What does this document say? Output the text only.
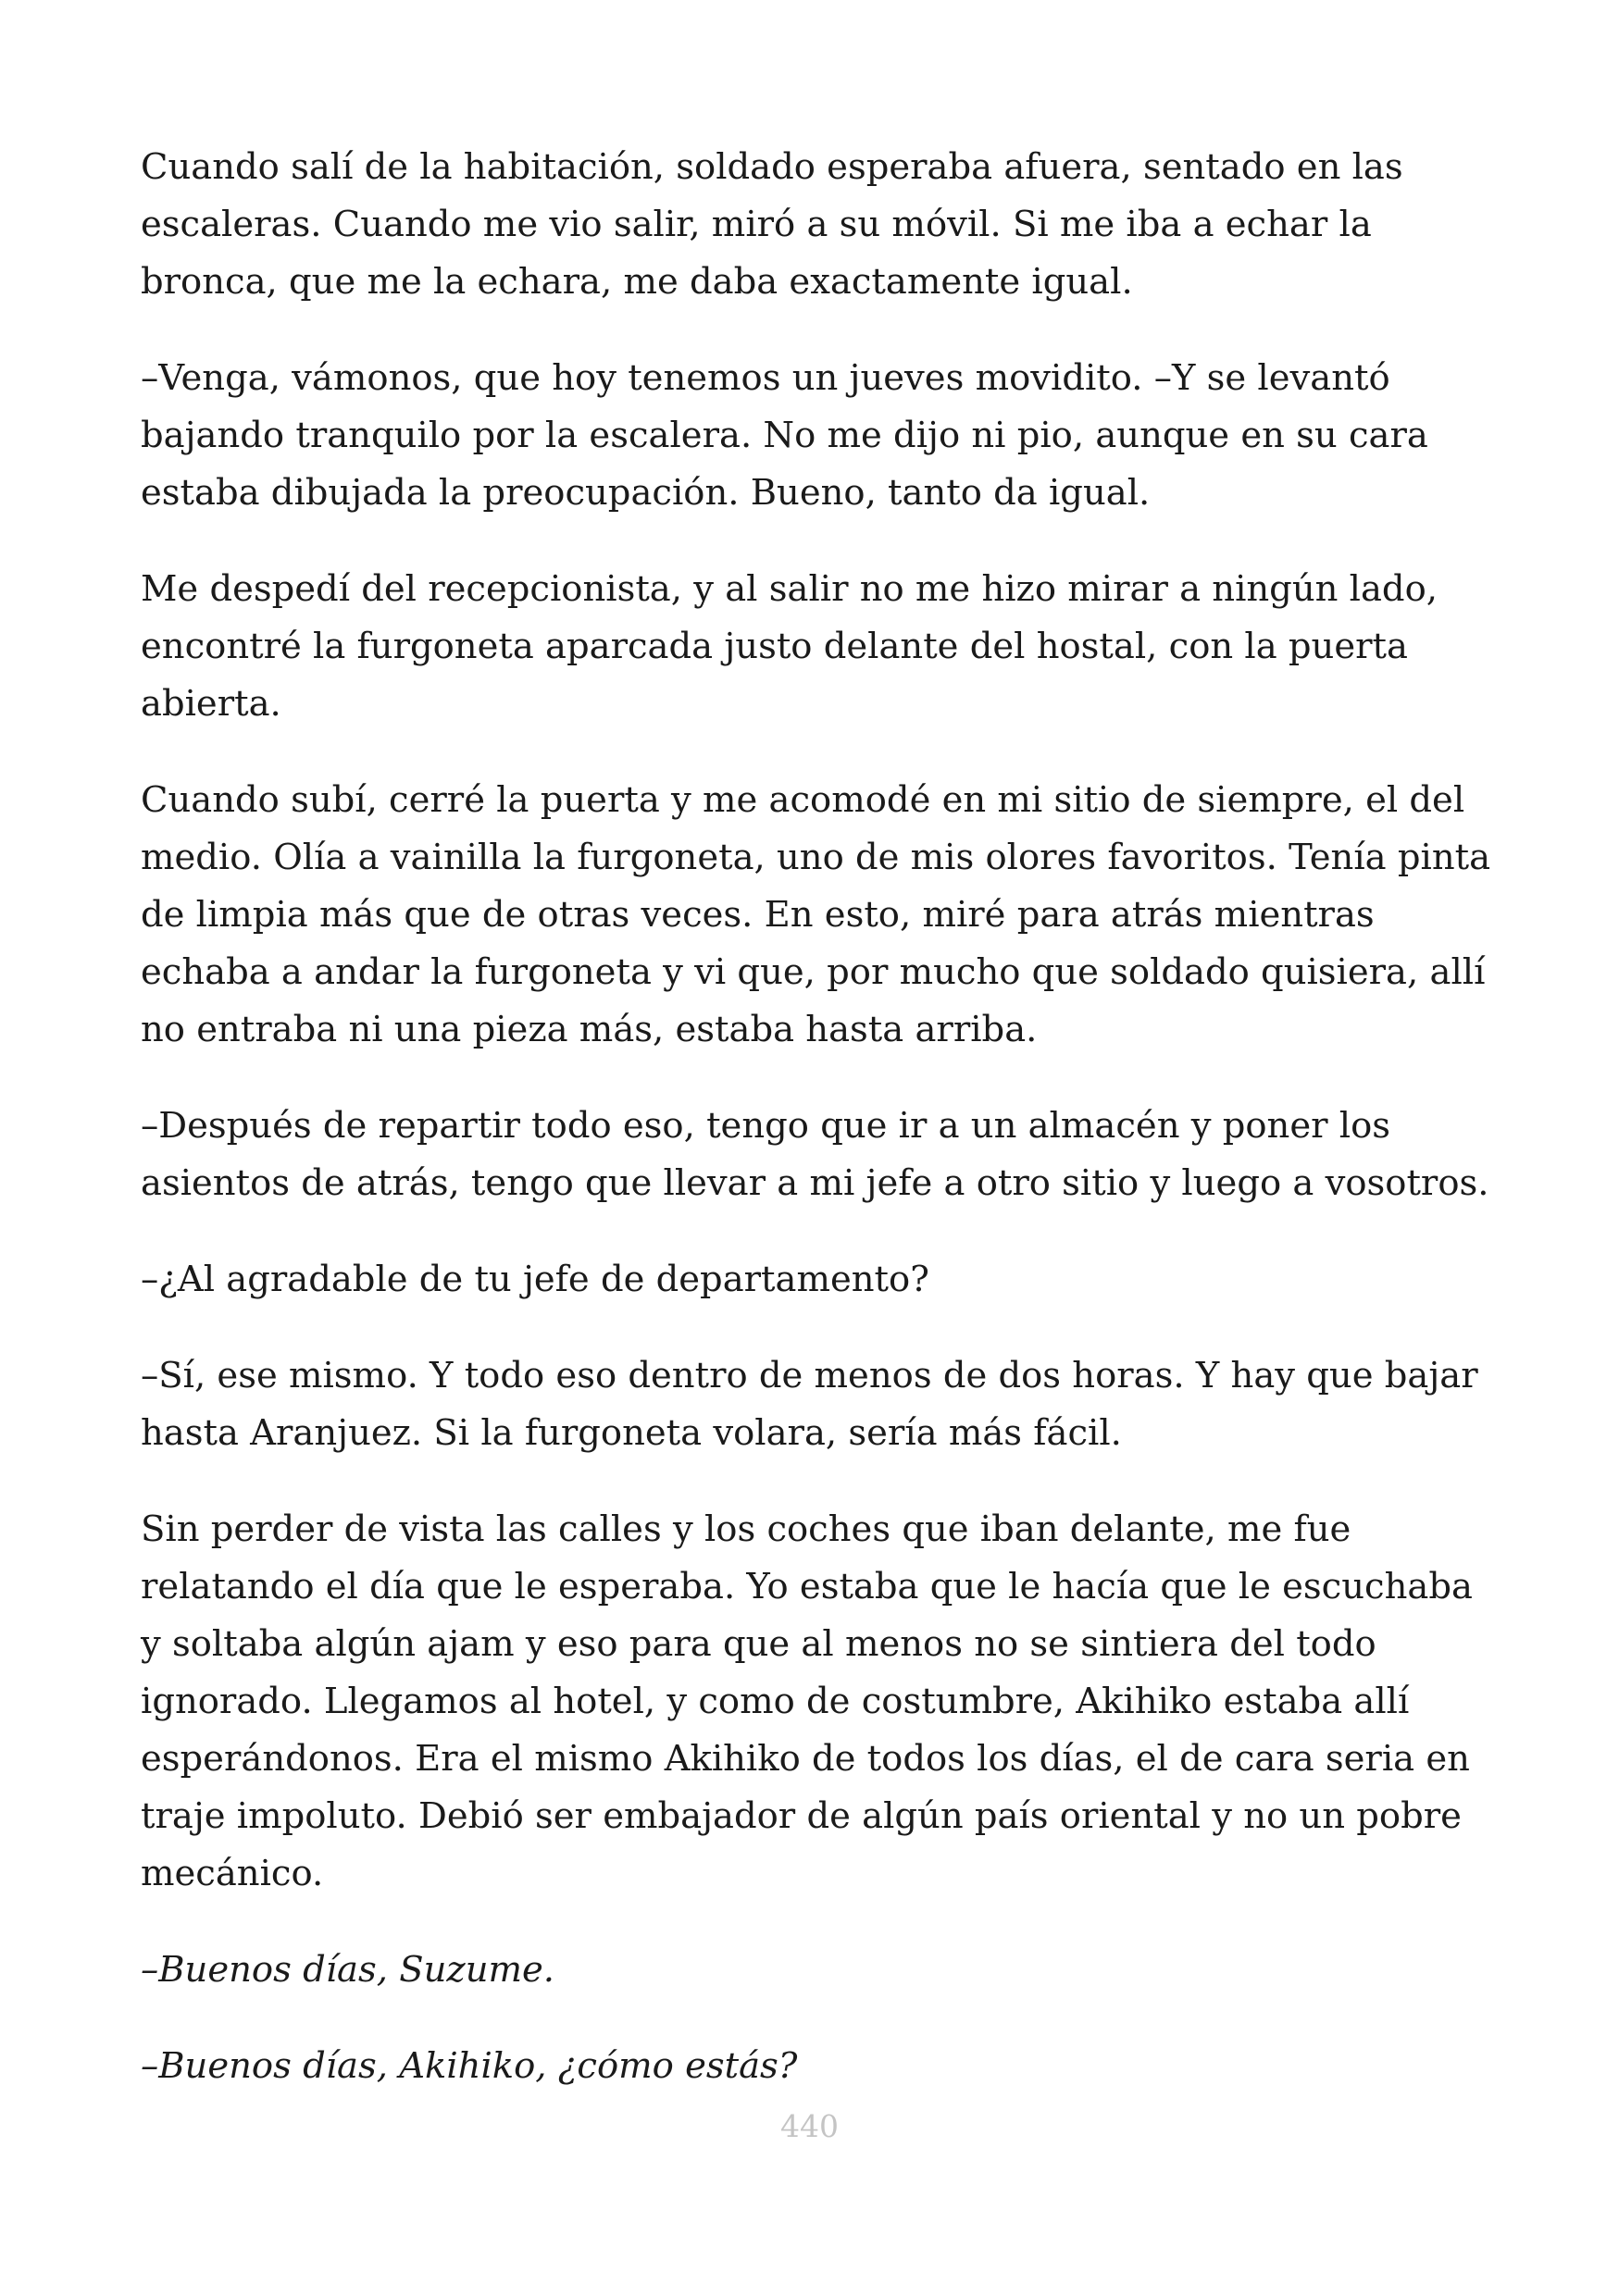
Cuando salí de la habitación, soldado esperaba afuera, sentado en las escaleras. Cuando me vio salir, miró a su móvil. Si me iba a echar la bronca, que me la echara, me daba exactamente igual.

–Venga, vámonos, que hoy tenemos un jueves movidito. –Y se levantó bajando tranquilo por la escalera. No me dijo ni pio, aunque en su cara estaba dibujada la preocupación. Bueno, tanto da igual.

Me despedí del recepcionista, y al salir no me hizo mirar a ningún lado, encontré la furgoneta aparcada justo delante del hostal, con la puerta abierta.

Cuando subí, cerré la puerta y me acomodé en mi sitio de siempre, el del medio. Olía a vainilla la furgoneta, uno de mis olores favoritos. Tenía pinta de limpia más que de otras veces. En esto, miré para atrás mientras echaba a andar la furgoneta y vi que, por mucho que soldado quisiera, allí no entraba ni una pieza más, estaba hasta arriba.

–Después de repartir todo eso, tengo que ir a un almacén y poner los asientos de atrás, tengo que llevar a mi jefe a otro sitio y luego a vosotros.

–¿Al agradable de tu jefe de departamento?

–Sí, ese mismo. Y todo eso dentro de menos de dos horas. Y hay que bajar hasta Aranjuez. Si la furgoneta volara, sería más fácil.

Sin perder de vista las calles y los coches que iban delante, me fue relatando el día que le esperaba. Yo estaba que le hacía que le escuchaba y soltaba algún ajam y eso para que al menos no se sintiera del todo ignorado. Llegamos al hotel, y como de costumbre, Akihiko estaba allí esperándonos. Era el mismo Akihiko de todos los días, el de cara seria en traje impoluto. Debió ser embajador de algún país oriental y no un pobre mecánico.

–Buenos días, Suzume.

–Buenos días, Akihiko, ¿cómo estás?

440
